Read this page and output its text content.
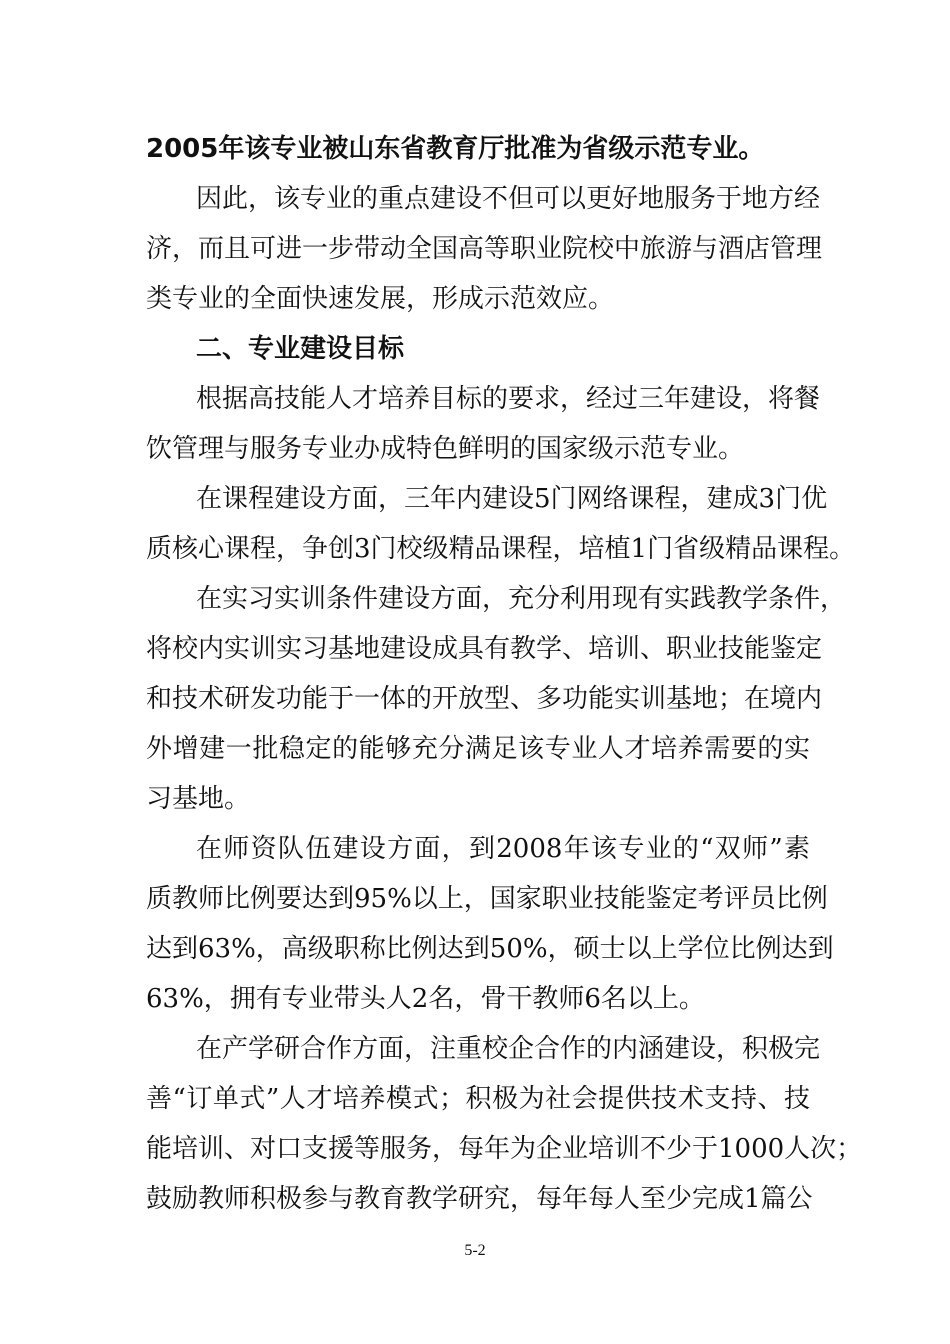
2005年该专业被山东省教育厅批准为省级示范专业。
因此，该专业的重点建设不但可以更好地服务于地方经
济，而且可进一步带动全国高等职业院校中旅游与酒店管理
类专业的全面快速发展，形成示范效应。
二、专业建设目标
根据高技能人才培养目标的要求，经过三年建设，将餐
饮管理与服务专业办成特色鲜明的国家级示范专业。
在课程建设方面，三年内建设5门网络课程，建成3门优
质核心课程，争创3门校级精品课程，培植1门省级精品课程。
在实习实训条件建设方面，充分利用现有实践教学条件，
将校内实训实习基地建设成具有教学、培训、职业技能鉴定
和技术研发功能于一体的开放型、多功能实训基地；在境内
外增建一批稳定的能够充分满足该专业人才培养需要的实
习基地。
在师资队伍建设方面，到2008年该专业的“双师”素
质教师比例要达到95%以上，国家职业技能鉴定考评员比例
达到63%，高级职称比例达到50%，硕士以上学位比例达到
63%，拥有专业带头人2名，骨干教师6名以上。
在产学研合作方面，注重校企合作的内涵建设，积极完
善“订单式”人才培养模式；积极为社会提供技术支持、技
能培训、对口支援等服务，每年为企业培训不少于1000人次；
鼓励教师积极参与教育教学研究，每年每人至少完成1篇公
5-2
